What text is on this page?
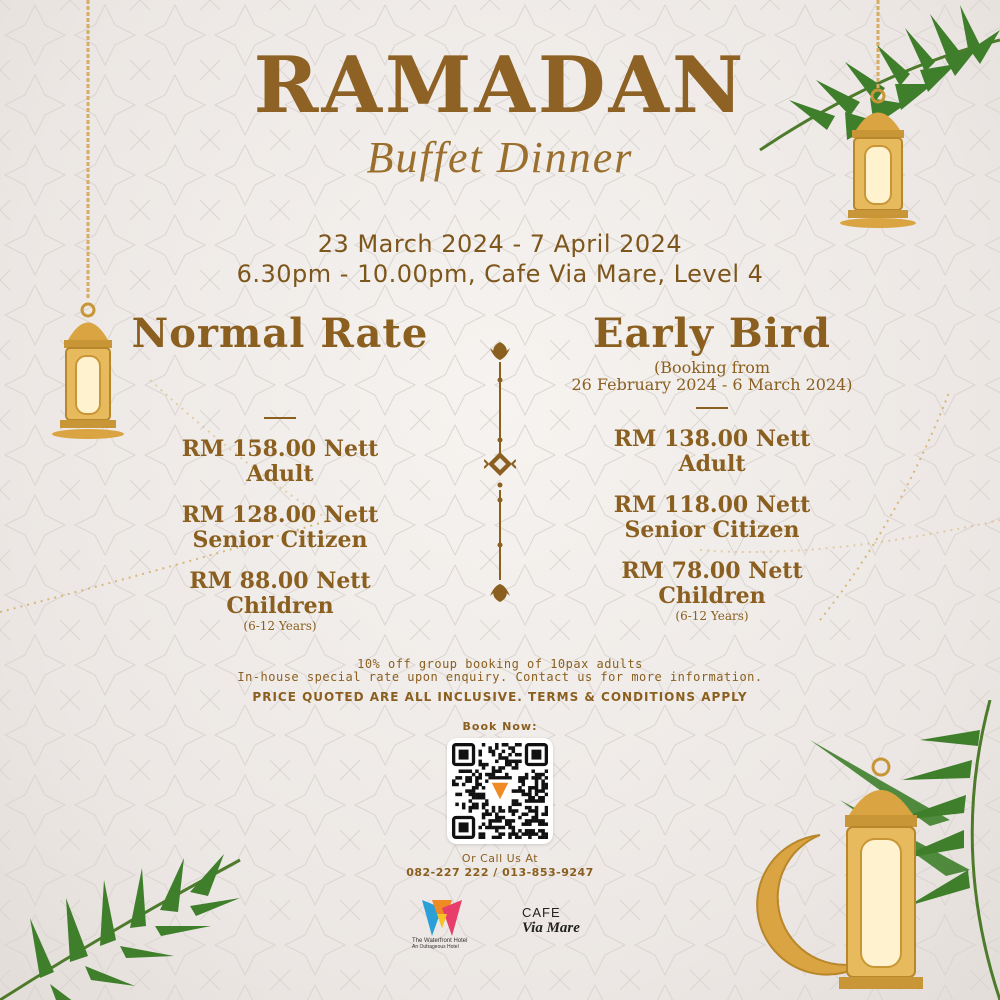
RAMADAN
Buffet Dinner
23 March 2024 - 7 April 2024
6.30pm - 10.00pm, Cafe Via Mare, Level 4
Normal Rate
RM 158.00 Nett
Adult
RM 128.00 Nett
Senior Citizen
RM 88.00 Nett
Children
(6-12 Years)
Early Bird
(Booking from
26 February 2024 - 6 March 2024)
RM 138.00 Nett
Adult
RM 118.00 Nett
Senior Citizen
RM 78.00 Nett
Children
(6-12 Years)
10% off group booking of 10pax adults
In-house special rate upon enquiry. Contact us for more information.
PRICE QUOTED ARE ALL INCLUSIVE. TERMS & CONDITIONS APPLY
Book Now:
Or Call Us At
082-227 222 / 013-853-9247
The Waterfront Hotel
An Outrageous Hotel
CAFE
Via Mare
